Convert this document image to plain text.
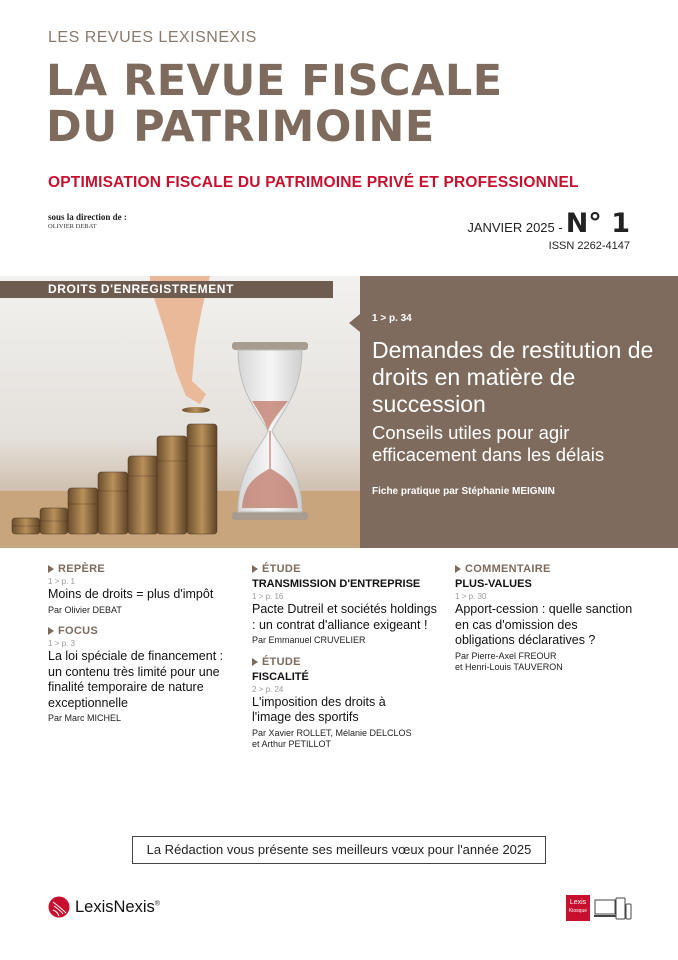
LES REVUES LEXISNEXIS
LA REVUE FISCALE
DU PATRIMOINE
OPTIMISATION FISCALE DU PATRIMOINE PRIVÉ ET PROFESSIONNEL
sous la direction de :
OLIVIER DEBAT	JANVIER 2025 - N° 1
ISSN 2262-4147
1 > p. 34
Demandes de restitution de droits en matière de succession
Conseils utiles pour agir efficacement dans les délais
Fiche pratique par Stéphanie MEIGNIN
DROITS D'ENREGISTREMENT
REPÈRE
1 > p. 1
Moins de droits = plus d'impôt
Par Olivier DEBAT
FOCUS
1 > p. 3
La loi spéciale de financement : un contenu très limité pour une finalité temporaire de nature exceptionnelle
Par Marc MICHEL
ÉTUDE
TRANSMISSION D'ENTREPRISE
1 > p. 16
Pacte Dutreil et sociétés holdings : un contrat d'alliance exigeant !
Par Emmanuel CRUVELIER
ÉTUDE
FISCALITÉ
2 > p. 24
L'imposition des droits à l'image des sportifs
Par Xavier ROLLET, Mélanie DELCLOS
et Arthur PETILLOT
COMMENTAIRE
PLUS-VALUES
1 > p. 30
Apport-cession : quelle sanction en cas d'omission des obligations déclaratives ?
Par Pierre-Axel FREOUR
et Henri-Louis TAUVERON
La Rédaction vous présente ses meilleurs vœux pour l'année 2025
LexisNexis®	Lexis
Kiosque
